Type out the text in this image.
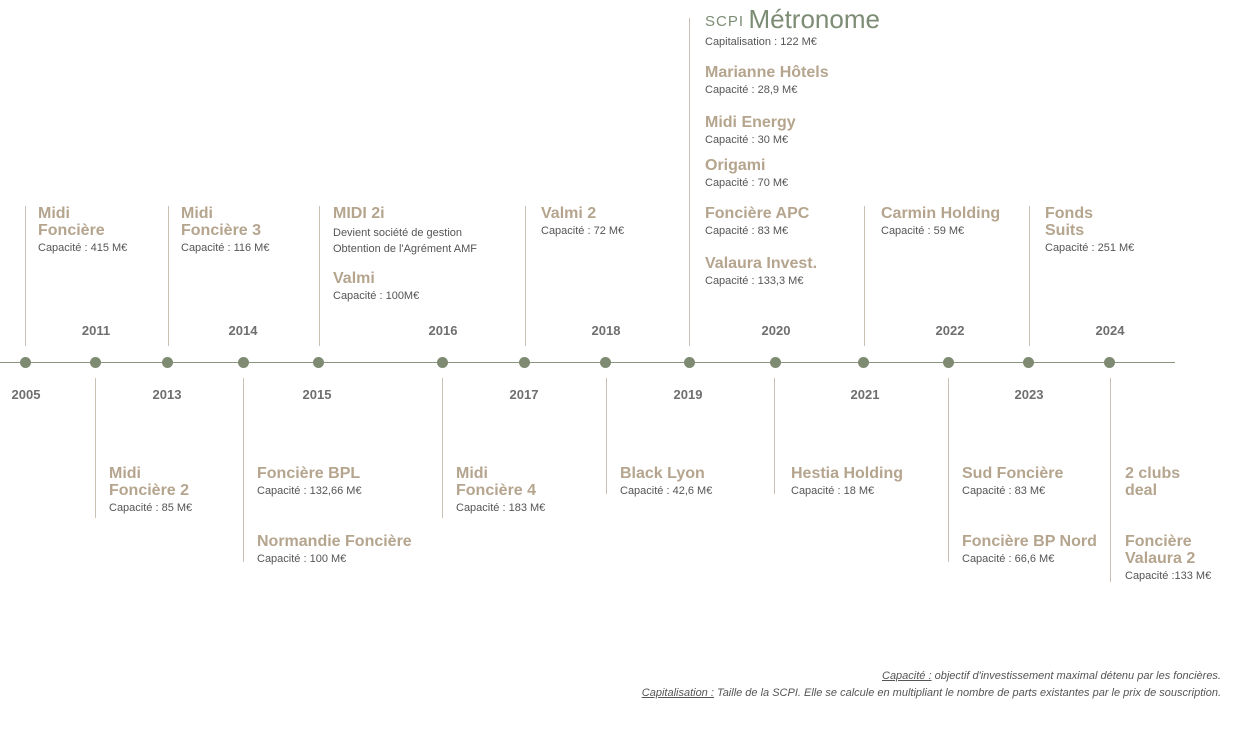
SCPI Métronome
2011	2014	2016	2018	2020	2022	2024
2005	2013	2015	2017	2019	2021	2023
Midi
Foncière
Capacité : 415 M€
Midi
Foncière 3
Capacité : 116 M€
MIDI 2i
Devient société de gestion
Obtention de l'Agrément AMF
Valmi
Capacité : 100M€
Valmi 2
Capacité : 72 M€
Capitalisation : 122 M€
Marianne Hôtels
Capacité : 28,9 M€
Midi Energy
Capacité : 30 M€
Origami
Capacité : 70 M€
Foncière APC
Capacité : 83 M€
Valaura Invest.
Capacité : 133,3 M€
Carmin Holding
Capacité : 59 M€
Fonds
Suits
Capacité : 251 M€
Midi
Foncière 2
Capacité : 85 M€
Foncière BPL
Capacité : 132,66 M€
Normandie Foncière
Capacité : 100 M€
Midi
Foncière 4
Capacité : 183 M€
Black Lyon
Capacité : 42,6 M€
Hestia Holding
Capacité : 18 M€
Sud Foncière
Capacité : 83 M€
Foncière BP Nord
Capacité : 66,6 M€
2 clubs
deal
Foncière
Valaura 2
Capacité :133 M€
Capacité : objectif d'investissement maximal détenu par les foncières.
Capitalisation : Taille de la SCPI. Elle se calcule en multipliant le nombre de parts existantes par le prix de souscription.
